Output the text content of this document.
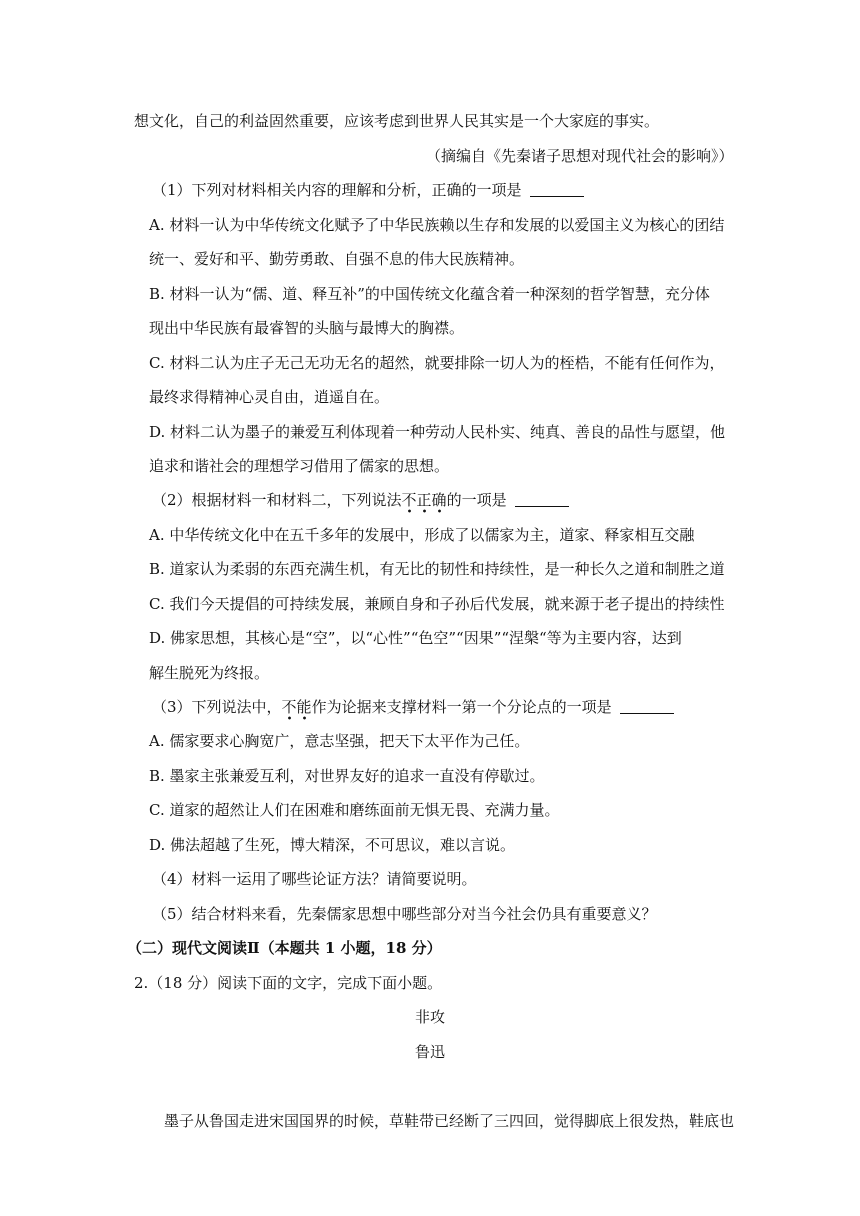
想文化，自己的利益固然重要，应该考虑到世界人民其实是一个大家庭的事实。
（摘编自《先秦诸子思想对现代社会的影响》）
（1）下列对材料相关内容的理解和分析，正确的一项是
A. 材料一认为中华传统文化赋予了中华民族赖以生存和发展的以爱国主义为核心的团结
统一、爱好和平、勤劳勇敢、自强不息的伟大民族精神。
B. 材料一认为“儒、道、释互补”的中国传统文化蕴含着一种深刻的哲学智慧，充分体
现出中华民族有最睿智的头脑与最博大的胸襟。
C. 材料二认为庄子无己无功无名的超然，就要排除一切人为的桎梏，不能有任何作为，
最终求得精神心灵自由，逍遥自在。
D. 材料二认为墨子的兼爱互利体现着一种劳动人民朴实、纯真、善良的品性与愿望，他
追求和谐社会的理想学习借用了儒家的思想。
（2）根据材料一和材料二，下列说法不正确的一项是
A. 中华传统文化中在五千多年的发展中，形成了以儒家为主，道家、释家相互交融
B. 道家认为柔弱的东西充满生机，有无比的韧性和持续性，是一种长久之道和制胜之道
C. 我们今天提倡的可持续发展，兼顾自身和子孙后代发展，就来源于老子提出的持续性
D. 佛家思想，其核心是“空”，以“心性”“色空”“因果”“涅槃“等为主要内容，达到
解生脱死为终报。
（3）下列说法中，不能作为论据来支撑材料一第一个分论点的一项是
A. 儒家要求心胸宽广，意志坚强，把天下太平作为己任。
B. 墨家主张兼爱互利，对世界友好的追求一直没有停歇过。
C. 道家的超然让人们在困难和磨练面前无惧无畏、充满力量。
D. 佛法超越了生死，博大精深，不可思议，难以言说。
（4）材料一运用了哪些论证方法？请简要说明。
（5）结合材料来看，先秦儒家思想中哪些部分对当今社会仍具有重要意义？
（二）现代文阅读Ⅱ（本题共 1 小题，18 分）
2.（18 分）阅读下面的文字，完成下面小题。
非攻
鲁迅
墨子从鲁国走进宋国国界的时候，草鞋带已经断了三四回，觉得脚底上很发热，鞋底也
